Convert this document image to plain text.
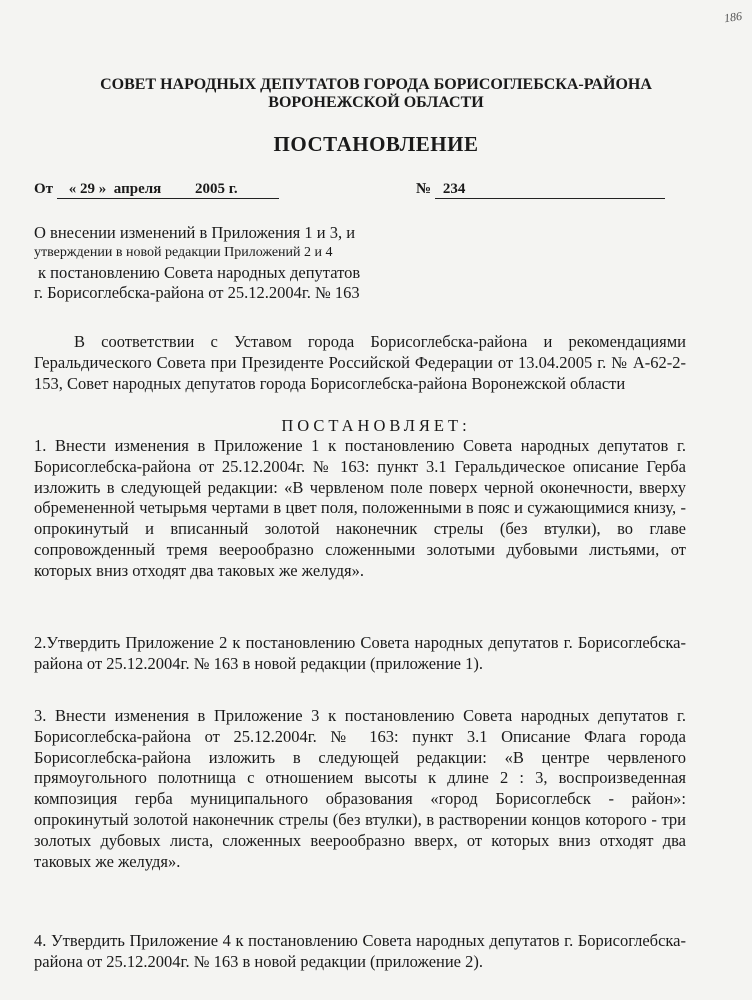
186
СОВЕТ НАРОДНЫХ ДЕПУТАТОВ ГОРОДА БОРИСОГЛЕБСКА-РАЙОНА
ВОРОНЕЖСКОЙ ОБЛАСТИ
ПОСТАНОВЛЕНИЕ
От « 29 » апреля 2005 г.	№ 234
О внесении изменений в Приложения 1 и 3, и
утверждении в новой редакции Приложений 2 и 4
к постановлению Совета народных депутатов
г. Борисоглебска-района от 25.12.2004г. № 163

В соответствии с Уставом города Борисоглебска-района и рекомендациями Геральдического Совета при Президенте Российской Федерации от 13.04.2005 г. № А-62-2-153, Совет народных депутатов города Борисоглебска-района Воронежской области

ПОСТАНОВЛЯЕТ:

1. Внести изменения в Приложение 1 к постановлению Совета народных депутатов г. Борисоглебска-района от 25.12.2004г. № 163: пункт 3.1 Геральдическое описание Герба изложить в следующей редакции: «В червленом поле поверх черной оконечности, вверху обремененной четырьмя чертами в цвет поля, положенными в пояс и сужающимися книзу, - опрокинутый и вписанный золотой наконечник стрелы (без втулки), во главе сопровожденный тремя веерообразно сложенными золотыми дубовыми листьями, от которых вниз отходят два таковых же желудя».

2.Утвердить Приложение 2 к постановлению Совета народных депутатов г. Борисоглебска-района от 25.12.2004г. № 163 в новой редакции (приложение 1).

3. Внести изменения в Приложение 3 к постановлению Совета народных депутатов г. Борисоглебска-района от 25.12.2004г. № 163: пункт 3.1 Описание Флага города Борисоглебска-района изложить в следующей редакции: «В центре червленого прямоугольного полотнища с отношением высоты к длине 2 : 3, воспроизведенная композиция герба муниципального образования «город Борисоглебск - район»: опрокинутый золотой наконечник стрелы (без втулки), в растворении концов которого - три золотых дубовых листа, сложенных веерообразно вверх, от которых вниз отходят два таковых же желудя».

4. Утвердить Приложение 4 к постановлению Совета народных депутатов г. Борисоглебска-района от 25.12.2004г. № 163 в новой редакции (приложение 2).
